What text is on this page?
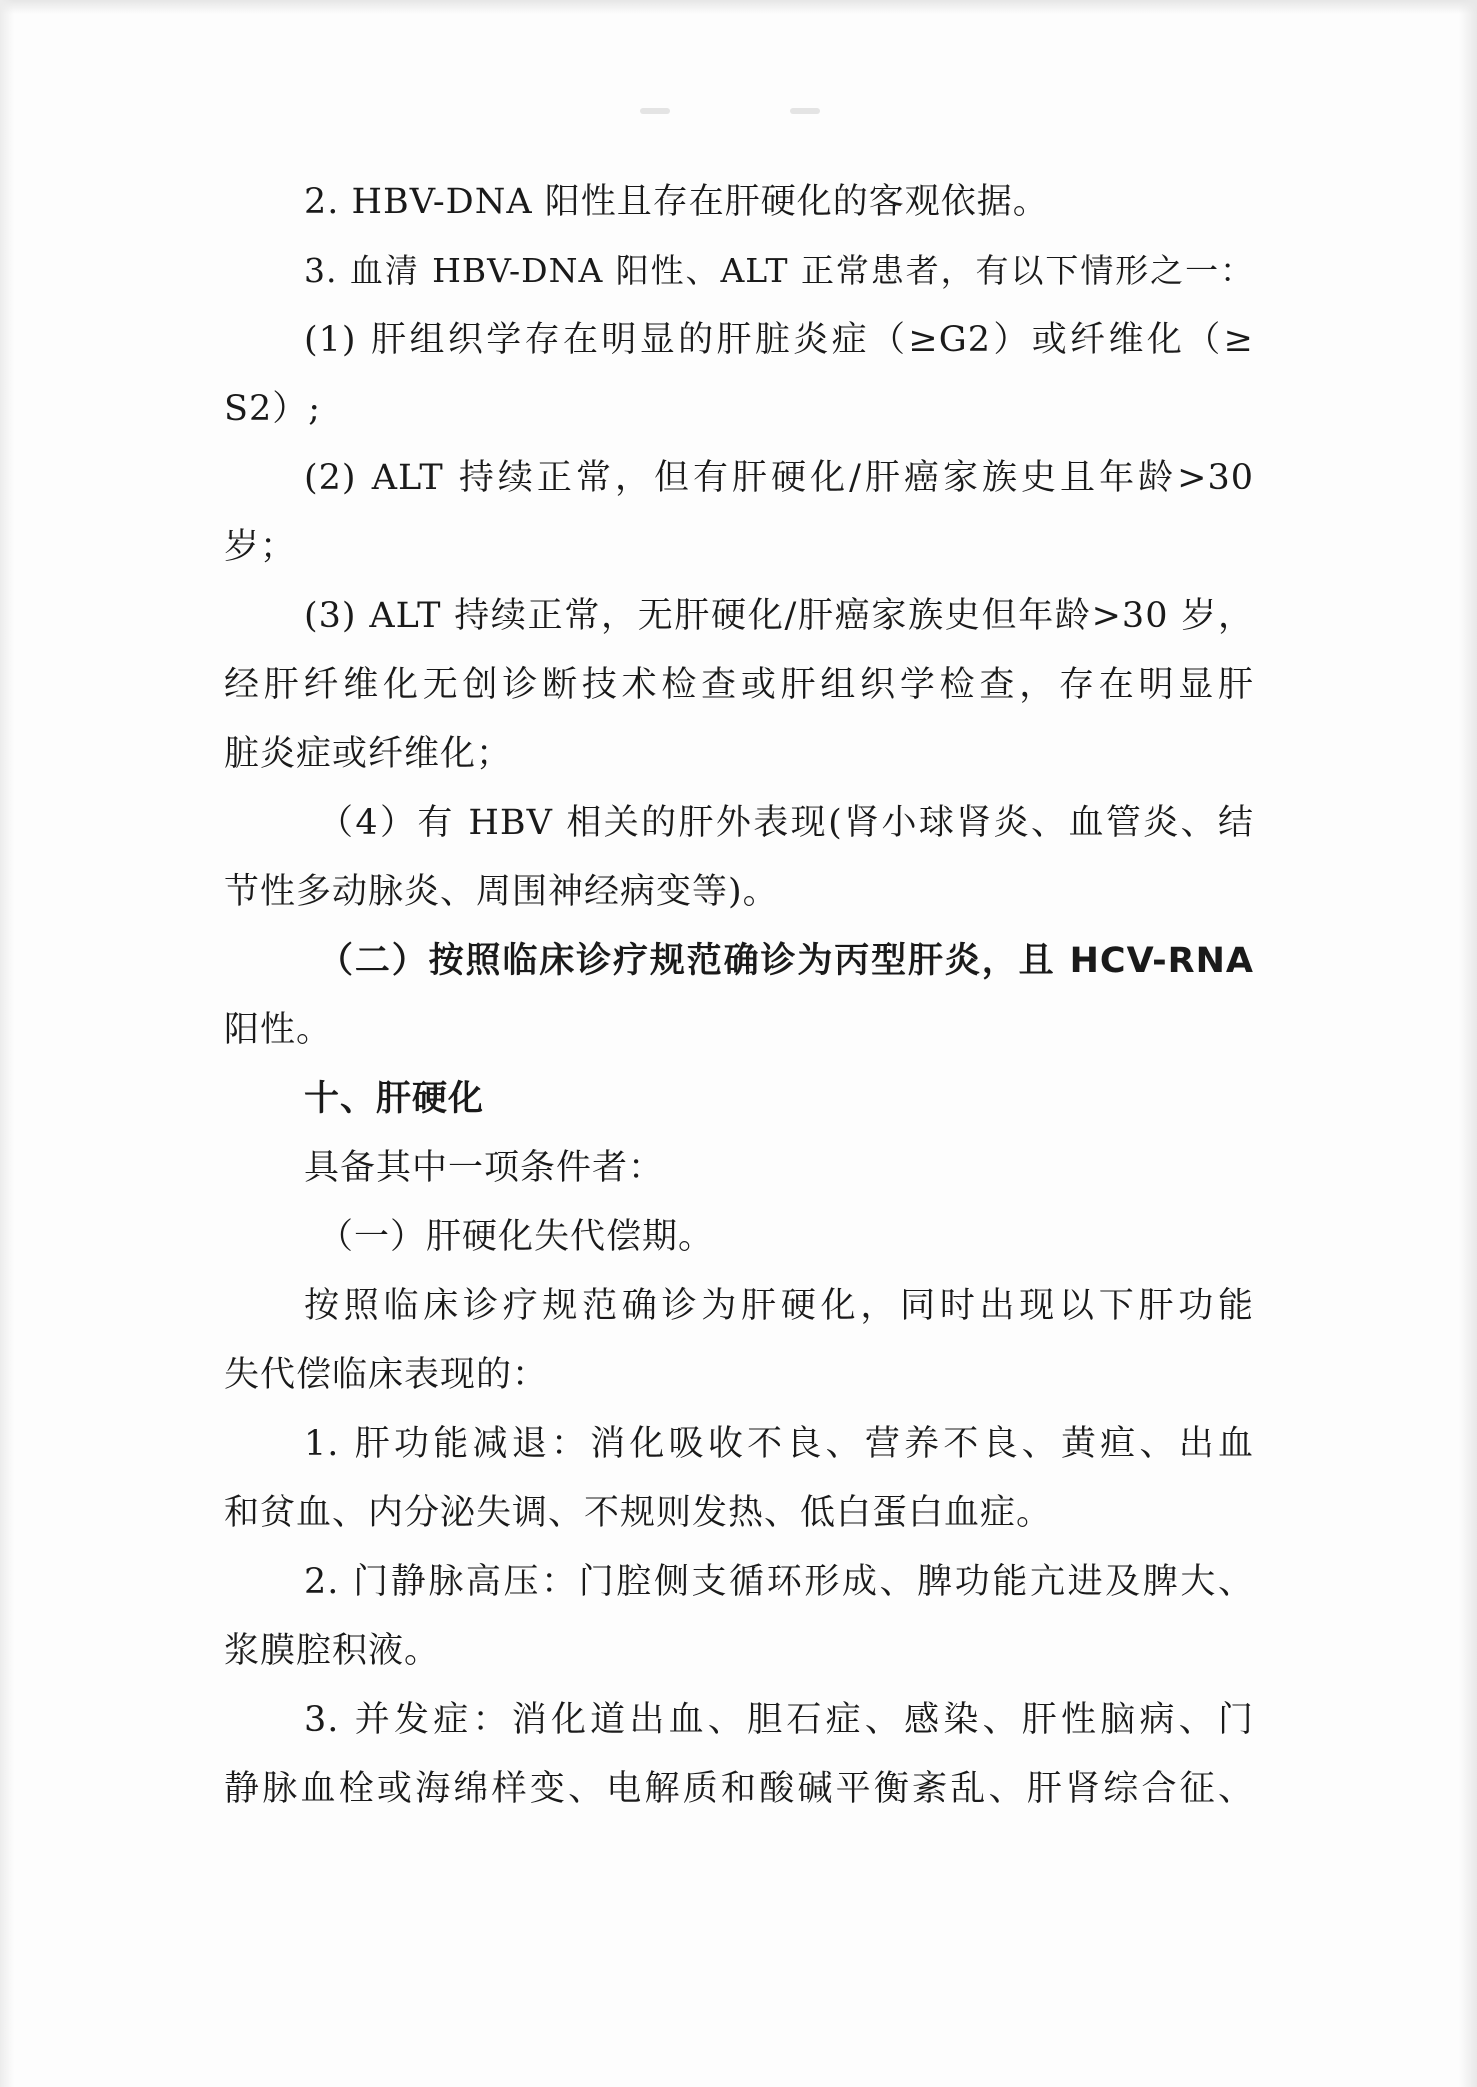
2. HBV-DNA 阳性且存在肝硬化的客观依据。
3. 血清 HBV-DNA 阳性、ALT 正常患者，有以下情形之一：
(1) 肝组织学存在明显的肝脏炎症（≥G2）或纤维化（≥
S2）;
(2) ALT 持续正常，但有肝硬化/肝癌家族史且年龄>30
岁；
(3) ALT 持续正常，无肝硬化/肝癌家族史但年龄>30 岁，
经肝纤维化无创诊断技术检查或肝组织学检查，存在明显肝
脏炎症或纤维化；
（4）有 HBV 相关的肝外表现(肾小球肾炎、血管炎、结
节性多动脉炎、周围神经病变等)。
（二）按照临床诊疗规范确诊为丙型肝炎，且 HCV-RNA
阳性。
十、肝硬化
具备其中一项条件者：
（一）肝硬化失代偿期。
按照临床诊疗规范确诊为肝硬化，同时出现以下肝功能
失代偿临床表现的：
1. 肝功能减退：消化吸收不良、营养不良、黄疸、出血
和贫血、内分泌失调、不规则发热、低白蛋白血症。
2. 门静脉高压：门腔侧支循环形成、脾功能亢进及脾大、
浆膜腔积液。
3. 并发症：消化道出血、胆石症、感染、肝性脑病、门
静脉血栓或海绵样变、电解质和酸碱平衡紊乱、肝肾综合征、
